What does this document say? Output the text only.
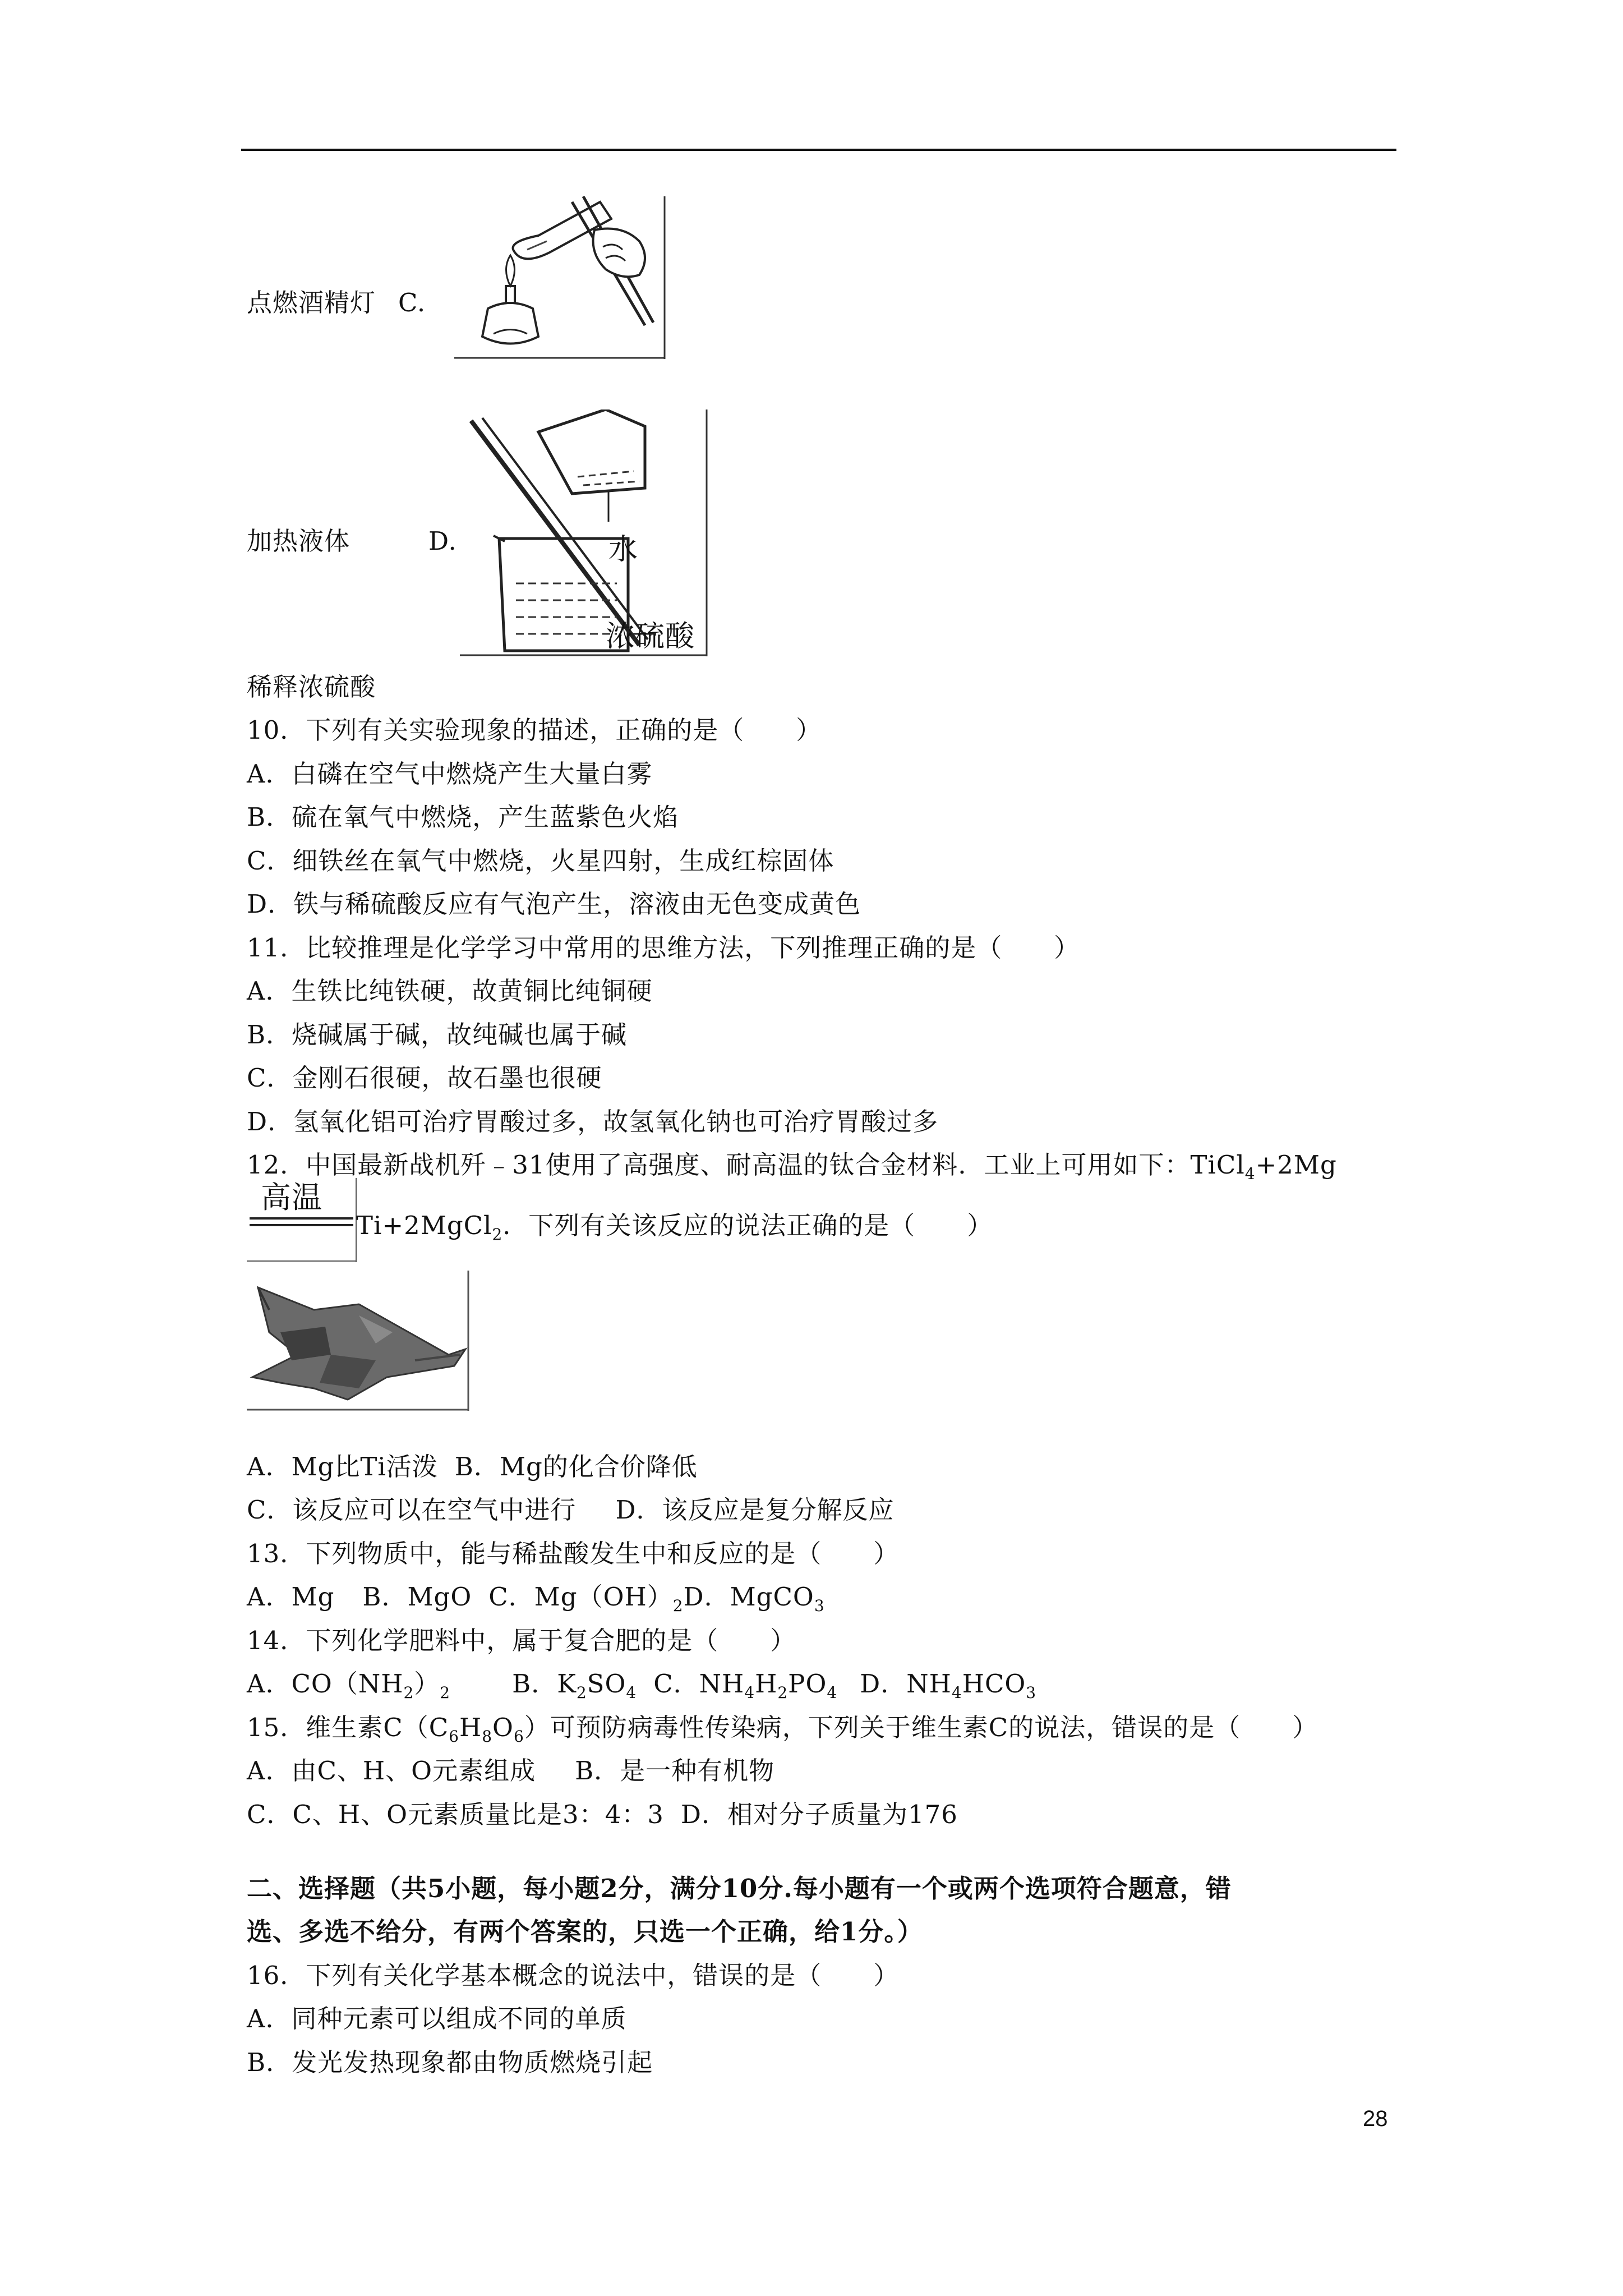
点燃酒精灯 C.
加热液体	D.	水
浓硫酸
稀释浓硫酸
10．下列有关实验现象的描述，正确的是（　　）
A．白磷在空气中燃烧产生大量白雾
B．硫在氧气中燃烧，产生蓝紫色火焰
C．细铁丝在氧气中燃烧，火星四射，生成红棕固体
D．铁与稀硫酸反应有气泡产生，溶液由无色变成黄色
11．比较推理是化学学习中常用的思维方法，下列推理正确的是（　　）
A．生铁比纯铁硬，故黄铜比纯铜硬
B．烧碱属于碱，故纯碱也属于碱
C．金刚石很硬，故石墨也很硬
D．氢氧化铝可治疗胃酸过多，故氢氧化钠也可治疗胃酸过多
12．中国最新战机歼﹣31使用了高强度、耐高温的钛合金材料．工业上可用如下：TiCl$_4$+2Mg
高温
Ti+2MgCl$_2$．下列有关该反应的说法正确的是（　　）
A．Mg比Ti活泼 B．Mg的化合价降低
C．该反应可以在空气中进行 D．该反应是复分解反应
13．下列物质中，能与稀盐酸发生中和反应的是（　　）
A．Mg B．MgO C．$Mg(OH)_2D$．MgCO$_3$
14．下列化学肥料中，属于复合肥的是（　　）
A．$CO(NH_2)_2$ B．$K_2SO_4$ C．$NH_4H_2PO_4$ D．$NH_4HCO_3$
15．维生素$C(C_6H_8O_6)$可预防病毒性传染病，下列关于维生素C的说法，错误的是（　　）
A．由C、H、O元素组成 B．是一种有机物
C．C、H、O元素质量比是3：4：3 D．相对分子质量为176
二、选择题（共5小题，每小题2分，满分10分.每小题有一个或两个选项符合题意，错
选、多选不给分，有两个答案的，只选一个正确，给1分。）
16．下列有关化学基本概念的说法中，错误的是（　　）
A．同种元素可以组成不同的单质
B．发光发热现象都由物质燃烧引起
28
